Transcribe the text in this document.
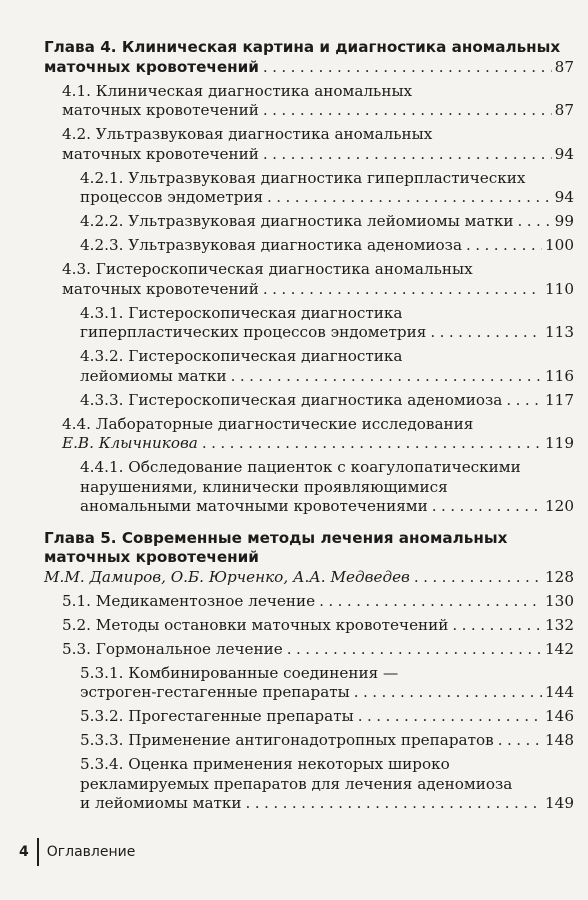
Глава 4. Клиническая картина и диагностика аномальных
маточных кровотечений . . .	87
4.1. Клиническая диагностика аномальных
маточных кровотечений . . .	87
4.2. Ультразвуковая диагностика аномальных
маточных кровотечений . . .	94
4.2.1. Ультразвуковая диагностика гиперпластических
процессов эндометрия . . .	94
4.2.2. Ультразвуковая диагностика лейомиомы матки . . .	99
4.2.3. Ультразвуковая диагностика аденомиоза . . .	100
4.3. Гистероскопическая диагностика аномальных
маточных кровотечений . . .	110
4.3.1. Гистероскопическая диагностика
гиперпластических процессов эндометрия . . .	113
4.3.2. Гистероскопическая диагностика
лейомиомы матки . . .	116
4.3.3. Гистероскопическая диагностика аденомиоза . . .	117
4.4. Лабораторные диагностические исследования
Е.В. Клычникова . . .	119
4.4.1. Обследование пациенток с коагулопатическими
нарушениями, клинически проявляющимися
аномальными маточными кровотечениями . . .	120
Глава 5. Современные методы лечения аномальных
маточных кровотечений
М.М. Дамиров, О.Б. Юрченко, А.А. Медведев . . .	128
5.1. Медикаментозное лечение . . .	130
5.2. Методы остановки маточных кровотечений . . .	132
5.3. Гормональное лечение . . .	142
5.3.1. Комбинированные соединения —
эстроген-гестагенные препараты . . .	144
5.3.2. Прогестагенные препараты . . .	146
5.3.3. Применение антигонадотропных препаратов . . .	148
5.3.4. Оценка применения некоторых широко
рекламируемых препаратов для лечения аденомиоза
и лейомиомы матки . . .	149
4 Оглавление
